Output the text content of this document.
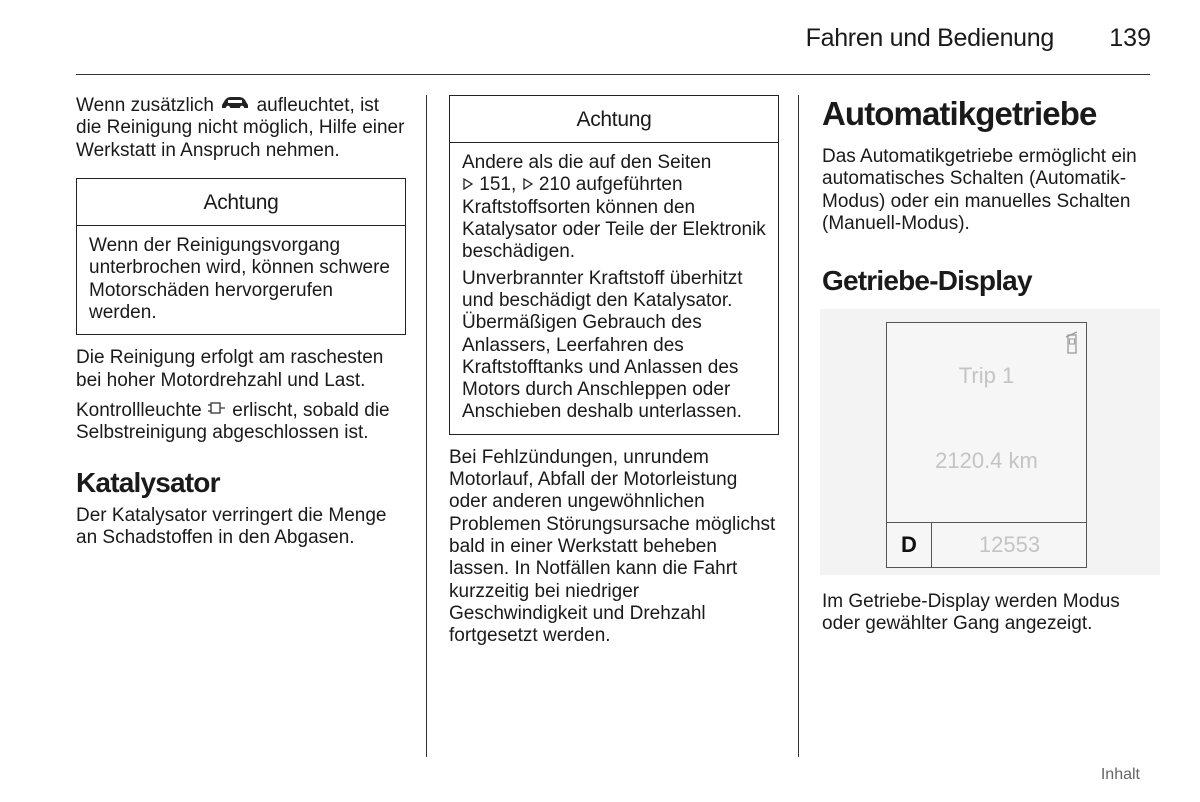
Fahren und Bedienung 139

Wenn zusätzlich aufleuchtet, ist die Reinigung nicht möglich, Hilfe einer Werkstatt in Anspruch nehmen.

Achtung

Wenn der Reinigungsvorgang unterbrochen wird, können schwere Motorschäden hervorgerufen werden.

Die Reinigung erfolgt am raschesten bei hoher Motordrehzahl und Last.

Kontrollleuchte erlischt, sobald die Selbstreinigung abgeschlossen ist.

Katalysator

Der Katalysator verringert die Menge an Schadstoffen in den Abgasen.

Achtung

Andere als die auf den Seiten
151, 210 aufgeführten Kraftstoffsorten können den Katalysator oder Teile der Elektronik beschädigen.

Unverbrannter Kraftstoff überhitzt und beschädigt den Katalysator. Übermäßigen Gebrauch des Anlassers, Leerfahren des Kraftstofftanks und Anlassen des Motors durch Anschleppen oder Anschieben deshalb unterlassen.

Bei Fehlzündungen, unrundem Motorlauf, Abfall der Motorleistung oder anderen ungewöhnlichen Problemen Störungsursache möglichst bald in einer Werkstatt beheben lassen. In Notfällen kann die Fahrt kurzzeitig bei niedriger Geschwindigkeit und Drehzahl fortgesetzt werden.

Automatikgetriebe

Das Automatikgetriebe ermöglicht ein automatisches Schalten (Automatik-Modus) oder ein manuelles Schalten (Manuell-Modus).

Getriebe-Display
Trip 1
2120.4 km
D	12553

Im Getriebe-Display werden Modus oder gewählter Gang angezeigt.

Inhalt
